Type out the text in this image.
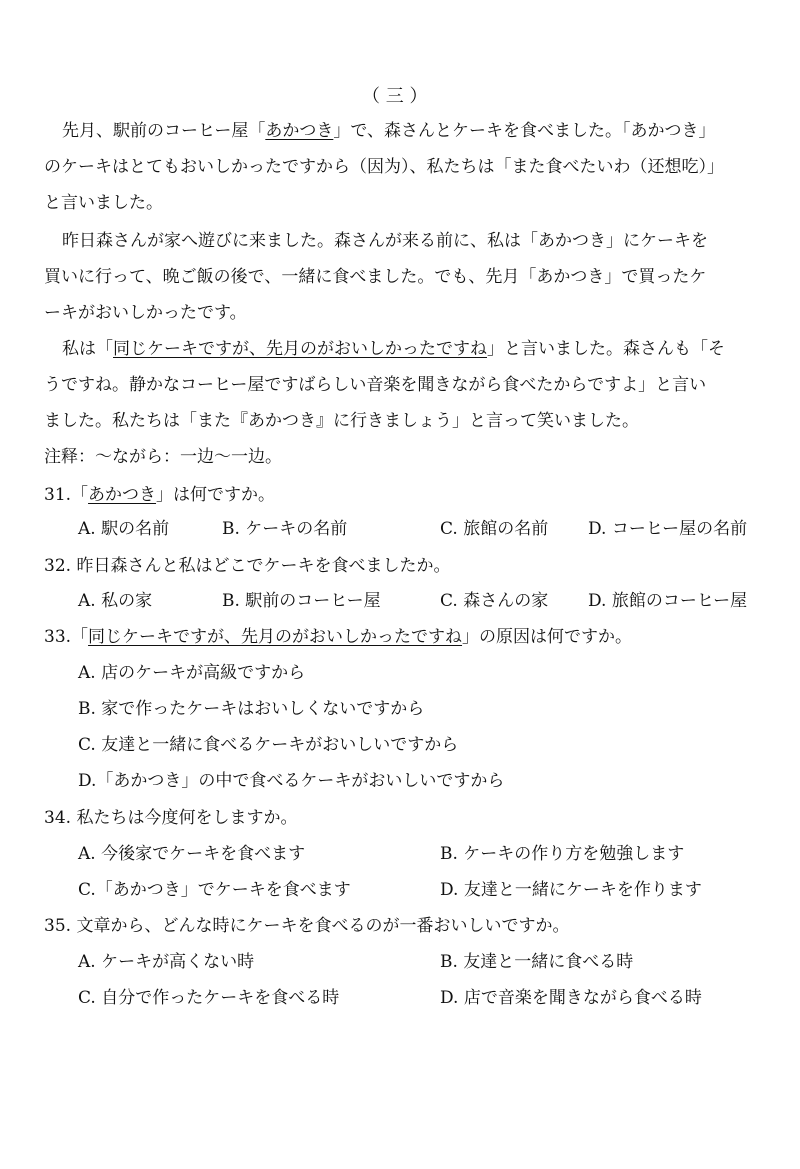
（ 三 ）
先月、駅前のコーヒー屋「あかつき」で、森さんとケーキを食べました。「あかつき」
のケーキはとてもおいしかったですから（因为）、私たちは「また食べたいわ（还想吃）」
と言いました。
昨日森さんが家へ遊びに来ました。森さんが来る前に、私は「あかつき」にケーキを
買いに行って、晩ご飯の後で、一緒に食べました。でも、先月「あかつき」で買ったケ
ーキがおいしかったです。
私は「同じケーキですが、先月のがおいしかったですね」と言いました。森さんも「そ
うですね。静かなコーヒー屋ですばらしい音楽を聞きながら食べたからですよ」と言い
ました。私たちは「また『あかつき』に行きましょう」と言って笑いました。
注释：～ながら：一边～一边。
31.「あかつき」は何ですか。
A. 駅の名前	B. ケーキの名前	C. 旅館の名前 D. コーヒー屋の名前
32. 昨日森さんと私はどこでケーキを食べましたか。
A. 私の家	B. 駅前のコーヒー屋	C. 森さんの家 D. 旅館のコーヒー屋
33.「同じケーキですが、先月のがおいしかったですね」の原因は何ですか。
A. 店のケーキが高級ですから
B. 家で作ったケーキはおいしくないですから
C. 友達と一緒に食べるケーキがおいしいですから
D.「あかつき」の中で食べるケーキがおいしいですから
34. 私たちは今度何をしますか。
A. 今後家でケーキを食べます	B. ケーキの作り方を勉強します
C.「あかつき」でケーキを食べます	D. 友達と一緒にケーキを作ります
35. 文章から、どんな時にケーキを食べるのが一番おいしいですか。
A. ケーキが高くない時	B. 友達と一緒に食べる時
C. 自分で作ったケーキを食べる時	D. 店で音楽を聞きながら食べる時
